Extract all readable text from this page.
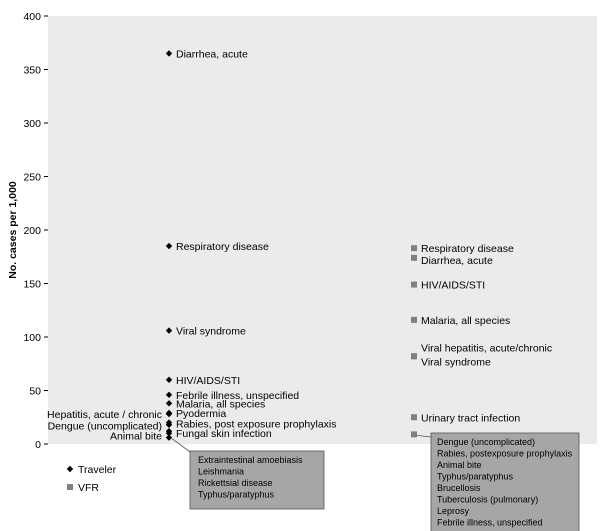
0
50
100
150
200
250
300
350
400
No. cases per 1,000
Diarrhea, acute
Respiratory disease
Viral syndrome
HIV/AIDS/STI
Febrile illness, unspecified
Malaria, all species
Pyodermia
Hepatitis, acute / chronic
Rabies, post exposure prophylaxis
Dengue (uncomplicated)
Fungal skin infection
Animal bite
Respiratory disease
Diarrhea, acute
HIV/AIDS/STI
Malaria, all species
Viral hepatitis, acute/chronic
Viral syndrome
Urinary tract infection
Extraintestinal amoebiasis
Leishmania
Rickettsial disease
Typhus/paratyphus
Dengue (uncomplicated)
Rabies, postexposure prophylaxis
Animal bite
Typhus/paratyphus
Brucellosis
Tuberculosis (pulmonary)
Leprosy
Febrile illness, unspecified
Traveler
VFR
